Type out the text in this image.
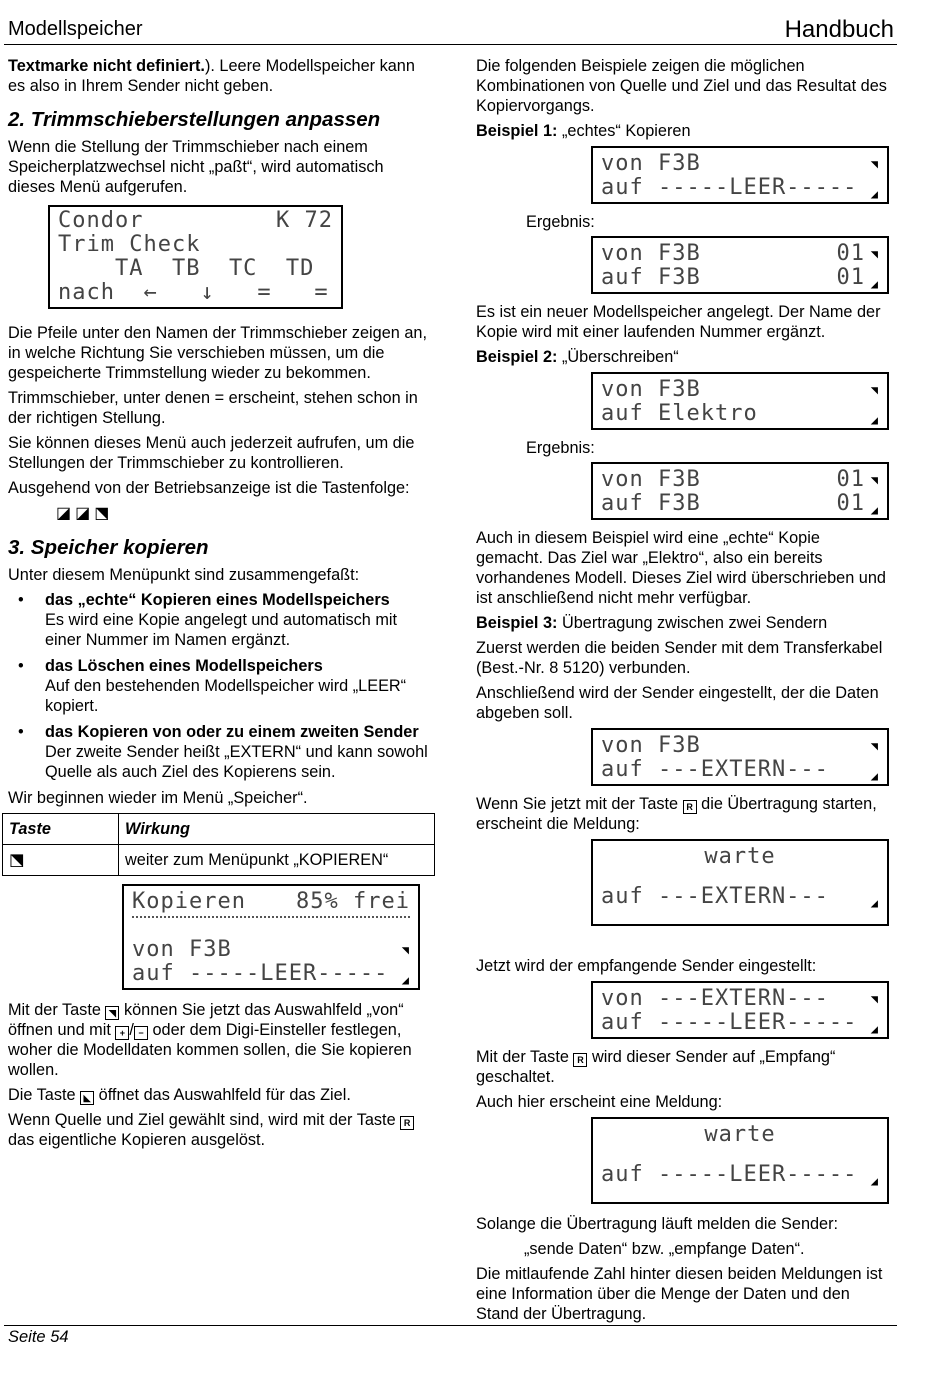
Modellspeicher	Handbuch

Textmarke nicht definiert.). Leere Modellspeicher kann es also in Ihrem Sender nicht geben.

2. Trimmschieberstellungen anpassen

Wenn die Stellung der Trimmschieber nach einem Speicherplatzwechsel nicht „paßt“, wird automatisch dieses Menü aufgerufen.

Condor	K 72
Trim Check
TA  TB  TC  TD
nach  ←   ↓   =   =

Die Pfeile unter den Namen der Trimmschieber zeigen an, in welche Richtung Sie verschieben müssen, um die gespeicherte Trimmstellung wieder zu bekommen.

Trimmschieber, unter denen = erscheint, stehen schon in der richtigen Stellung.

Sie können dieses Menü auch jederzeit aufrufen, um die Stellungen der Trimmschieber zu kontrollieren.

Ausgehend von der Betriebsanzeige ist die Tastenfolge:

◪◪⬔
3. Speicher kopieren

Unter diesem Menüpunkt sind zusammengefaßt:

• das „echte“ Kopieren eines Modellspeichers
Es wird eine Kopie angelegt und automatisch mit einer Nummer im Namen ergänzt.
• das Löschen eines Modellspeichers
Auf den bestehenden Modellspeicher wird „LEER“ kopiert.
• das Kopieren von oder zu einem zweiten Sender
Der zweite Sender heißt „EXTERN“ und kann sowohl Quelle als auch Ziel des Kopierens sein.

Wir beginnen wieder im Menü „Speicher“.

Taste	Wirkung
⬔	weiter zum Menüpunkt „KOPIEREN“
Kopieren 85% frei
von F3B	◥
auf -----LEER----- ◢

Mit der Taste ◥ können Sie jetzt das Auswahlfeld „von“ öffnen und mit + / − oder dem Digi-Einsteller festlegen, woher die Modelldaten kommen sollen, die Sie kopieren wollen.

Die Taste ◣ öffnet das Auswahlfeld für das Ziel.

Wenn Quelle und Ziel gewählt sind, wird mit der Taste R das eigentliche Kopieren ausgelöst.

Die folgenden Beispiele zeigen die möglichen Kombinationen von Quelle und Ziel und das Resultat des Kopiervorgangs.

Beispiel 1: „echtes“ Kopieren

von F3B	◥
auf -----LEER----- ◢
Ergebnis:
von F3B	01 ◥
auf F3B	01 ◢

Es ist ein neuer Modellspeicher angelegt. Der Name der Kopie wird mit einer laufenden Nummer ergänzt.

Beispiel 2: „Überschreiben“

von F3B	◥
auf Elektro	◢
Ergebnis:
von F3B	01 ◥
auf F3B	01 ◢

Auch in diesem Beispiel wird eine „echte“ Kopie gemacht. Das Ziel war „Elektro“, also ein bereits vorhandenes Modell. Dieses Ziel wird überschrieben und ist anschließend nicht mehr verfügbar.

Beispiel 3: Übertragung zwischen zwei Sendern

Zuerst werden die beiden Sender mit dem Transferkabel (Best.-Nr. 8 5120) verbunden.

Anschließend wird der Sender eingestellt, der die Daten abgeben soll.

von F3B	◥
auf ---EXTERN---	◢

Wenn Sie jetzt mit der Taste R die Übertragung starten, erscheint die Meldung:

warte
auf ---EXTERN---	◢

Jetzt wird der empfangende Sender eingestellt:

von ---EXTERN---	◥
auf -----LEER----- ◢

Mit der Taste R wird dieser Sender auf „Empfang“ geschaltet.

Auch hier erscheint eine Meldung:

warte
auf -----LEER----- ◢

Solange die Übertragung läuft melden die Sender:

„sende Daten“ bzw. „empfange Daten“.

Die mitlaufende Zahl hinter diesen beiden Meldungen ist eine Information über die Menge der Daten und den Stand der Übertragung.

Seite 54
